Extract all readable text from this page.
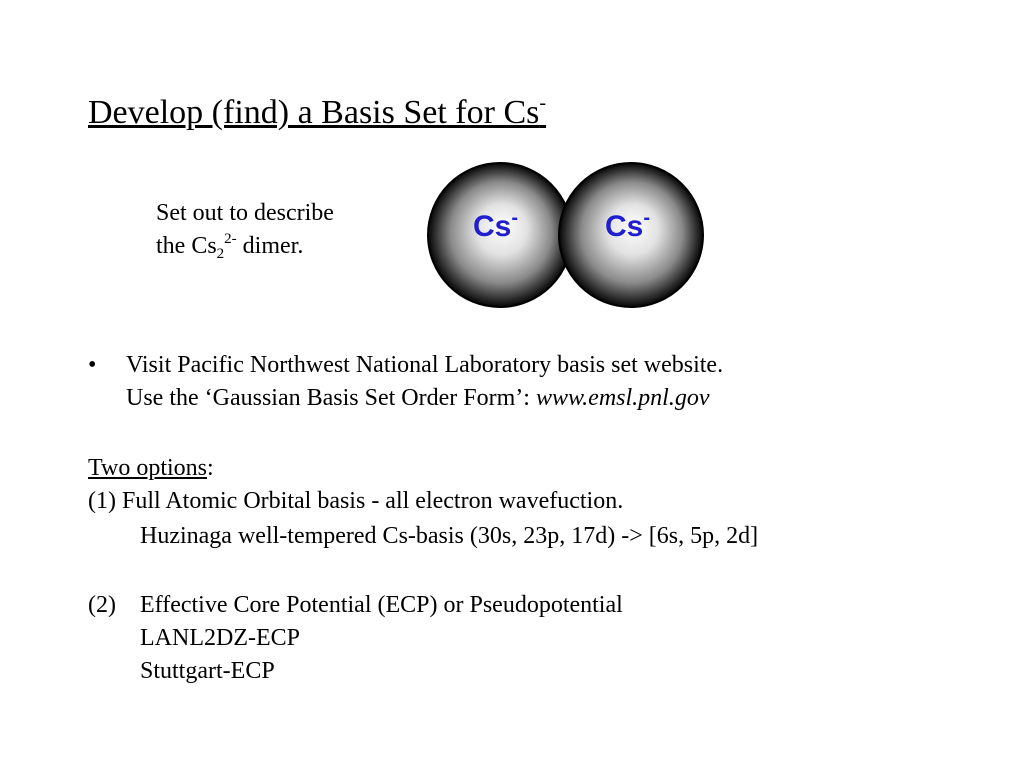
Develop (find) a Basis Set for Cs-
Set out to describe
the $Cs_2^{2-}$ dimer.
Cs-	Cs-
• Visit Pacific Northwest National Laboratory basis set website.
Use the ‘Gaussian Basis Set Order Form’: www.emsl.pnl.gov
Two options:
(1) Full Atomic Orbital basis - all electron wavefuction.
Huzinaga well-tempered Cs-basis (30s, 23p, 17d) -> [6s, 5p, 2d]
(2) Effective Core Potential (ECP) or Pseudopotential
LANL2DZ-ECP
Stuttgart-ECP
